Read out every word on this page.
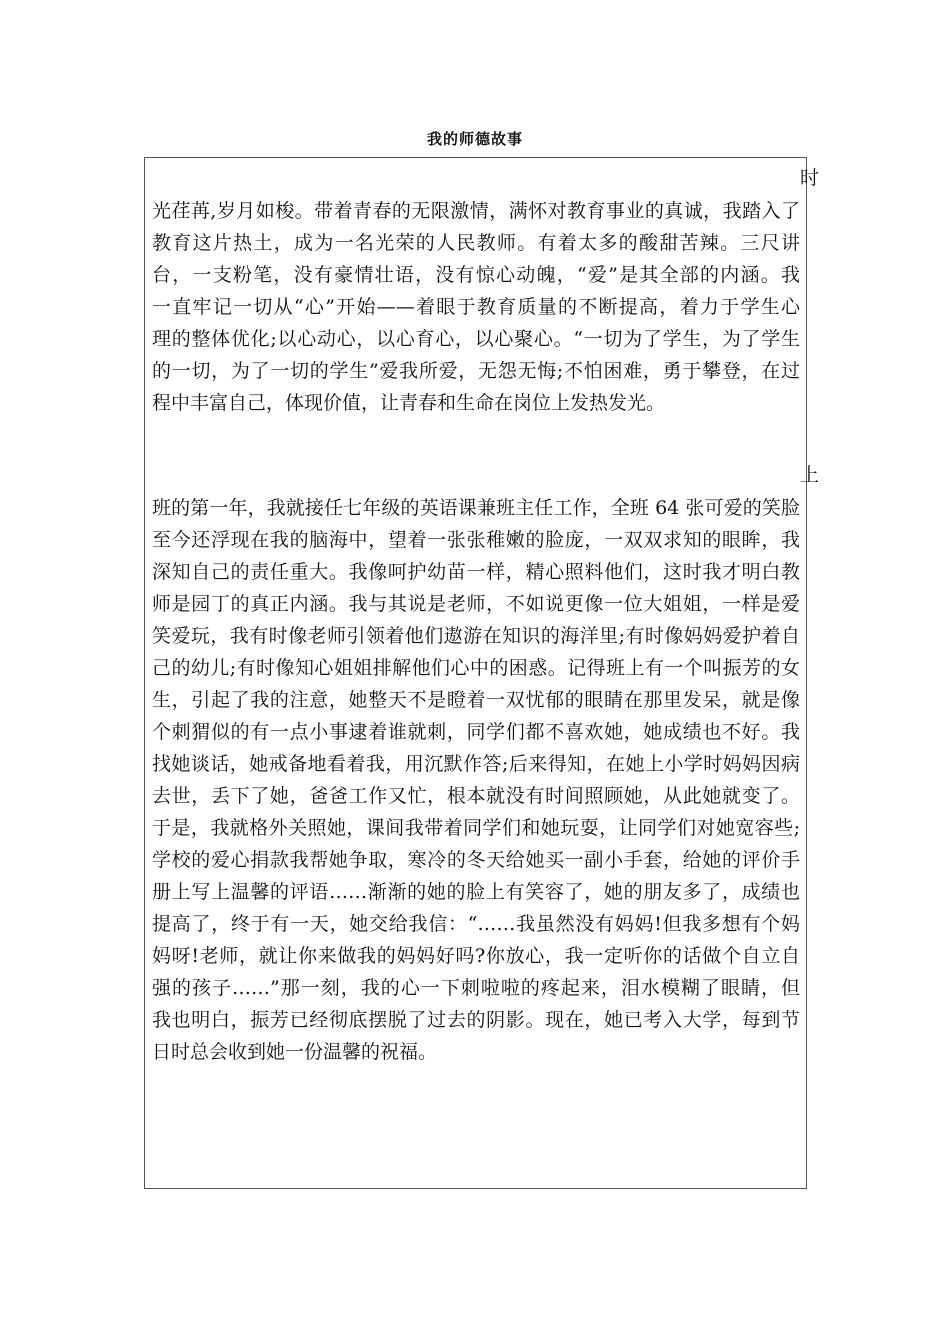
我的师德故事
时
光荏苒,岁月如梭。带着青春的无限激情，满怀对教育事业的真诚，我踏入了
教育这片热土，成为一名光荣的人民教师。有着太多的酸甜苦辣。三尺讲
台，一支粉笔，没有豪情壮语，没有惊心动魄，“爱”是其全部的内涵。我
一直牢记一切从“心”开始——着眼于教育质量的不断提高，着力于学生心
理的整体优化;以心动心，以心育心，以心聚心。“一切为了学生，为了学生
的一切，为了一切的学生”爱我所爱，无怨无悔;不怕困难，勇于攀登，在过
程中丰富自己，体现价值，让青春和生命在岗位上发热发光。
上
班的第一年，我就接任七年级的英语课兼班主任工作，全班 64 张可爱的笑脸
至今还浮现在我的脑海中，望着一张张稚嫩的脸庞，一双双求知的眼眸，我
深知自己的责任重大。我像呵护幼苗一样，精心照料他们，这时我才明白教
师是园丁的真正内涵。我与其说是老师，不如说更像一位大姐姐，一样是爱
笑爱玩，我有时像老师引领着他们遨游在知识的海洋里;有时像妈妈爱护着自
己的幼儿;有时像知心姐姐排解他们心中的困惑。记得班上有一个叫振芳的女
生，引起了我的注意，她整天不是瞪着一双忧郁的眼睛在那里发呆，就是像
个刺猬似的有一点小事逮着谁就刺，同学们都不喜欢她，她成绩也不好。我
找她谈话，她戒备地看着我，用沉默作答;后来得知，在她上小学时妈妈因病
去世，丢下了她，爸爸工作又忙，根本就没有时间照顾她，从此她就变了。
于是，我就格外关照她，课间我带着同学们和她玩耍，让同学们对她宽容些;
学校的爱心捐款我帮她争取，寒冷的冬天给她买一副小手套，给她的评价手
册上写上温馨的评语……渐渐的她的脸上有笑容了，她的朋友多了，成绩也
提高了，终于有一天，她交给我信：“……我虽然没有妈妈!但我多想有个妈
妈呀!老师，就让你来做我的妈妈好吗?你放心，我一定听你的话做个自立自
强的孩子……”那一刻，我的心一下刺啦啦的疼起来，泪水模糊了眼睛，但
我也明白，振芳已经彻底摆脱了过去的阴影。现在，她已考入大学，每到节
日时总会收到她一份温馨的祝福。
